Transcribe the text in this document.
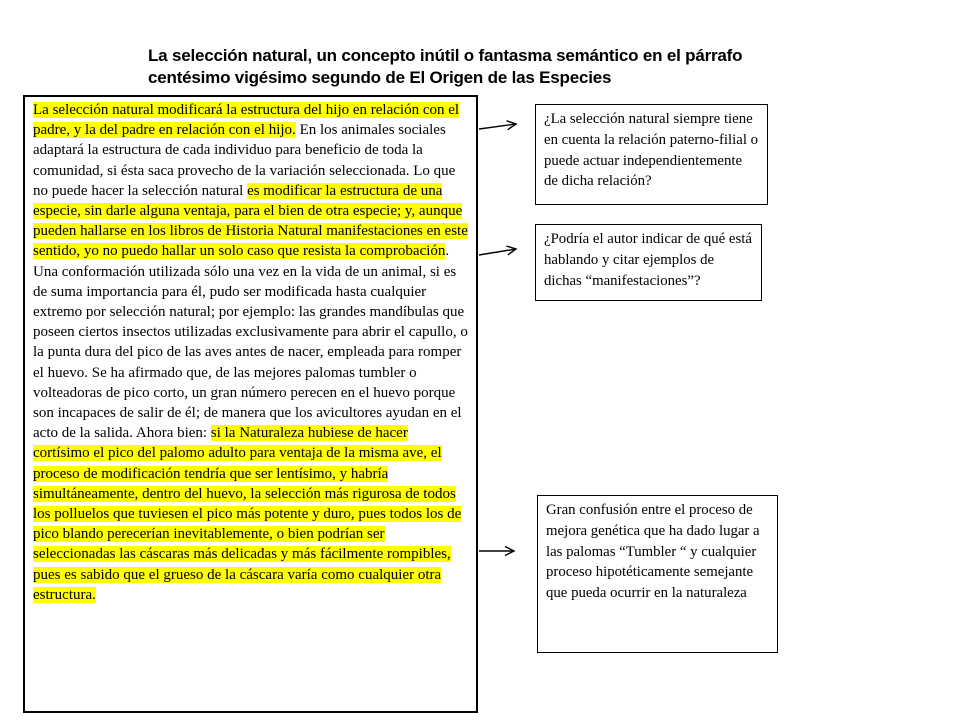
La selección natural, un concepto inútil o fantasma semántico en el párrafo
centésimo vigésimo segundo de El Origen de las Especies

La selección natural modificará la estructura del hijo en relación con el padre, y la del padre en relación con el hijo. En los animales sociales adaptará la estructura de cada individuo para beneficio de toda la comunidad, si ésta saca provecho de la variación seleccionada. Lo que no puede hacer la selección natural es modificar la estructura de una especie, sin darle alguna ventaja, para el bien de otra especie; y, aunque pueden hallarse en los libros de Historia Natural manifestaciones en este sentido, yo no puedo hallar un solo caso que resista la comprobación. Una conformación utilizada sólo una vez en la vida de un animal, si es de suma importancia para él, pudo ser modificada hasta cualquier extremo por selección natural; por ejemplo: las grandes mandíbulas que poseen ciertos insectos utilizadas exclusivamente para abrir el capullo, o la punta dura del pico de las aves antes de nacer, empleada para romper el huevo. Se ha afirmado que, de las mejores palomas tumbler o volteadoras de pico corto, un gran número perecen en el huevo porque son incapaces de salir de él; de manera que los avicultores ayudan en el acto de la salida. Ahora bien: si la Naturaleza hubiese de hacer cortísimo el pico del palomo adulto para ventaja de la misma ave, el proceso de modificación tendría que ser lentísimo, y habría simultáneamente, dentro del huevo, la selección más rigurosa de todos los polluelos que tuviesen el pico más potente y duro, pues todos los de pico blando perecerían inevitablemente, o bien podrían ser seleccionadas las cáscaras más delicadas y más fácilmente rompibles, pues es sabido que el grueso de la cáscara varía como cualquier otra estructura.

¿La selección natural siempre tiene en cuenta la relación paterno-filial o puede actuar independientemente de dicha relación?

¿Podría el autor indicar de qué está hablando y citar ejemplos de dichas “manifestaciones”?

Gran confusión entre el proceso de mejora genética que ha dado lugar a las palomas “Tumbler “ y cualquier proceso hipotéticamente semejante que pueda ocurrir en la naturaleza
